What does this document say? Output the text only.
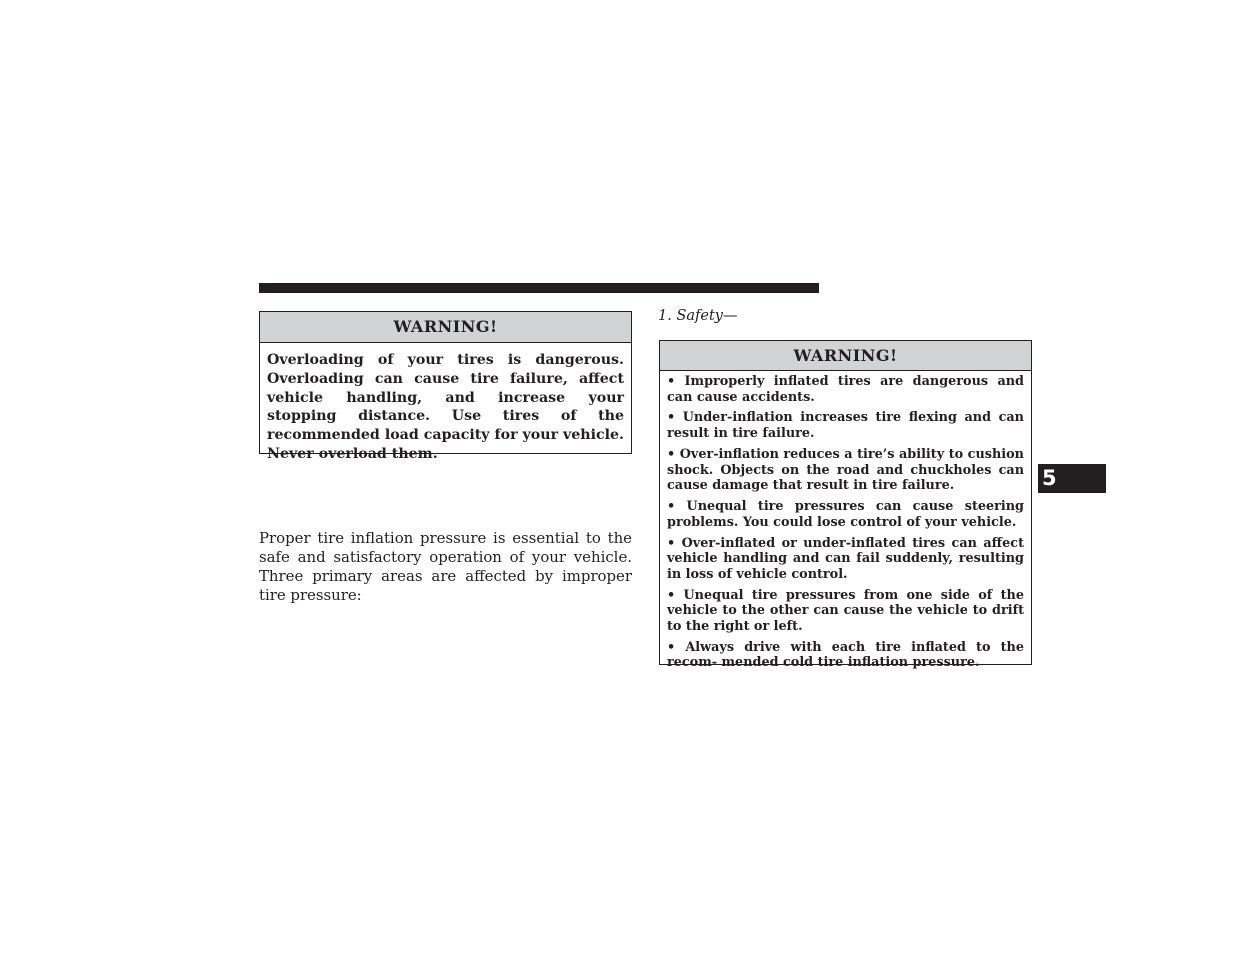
WARNING!
Overloading of your tires is dangerous. Overloading can cause tire failure, affect vehicle handling, and increase your stopping distance. Use tires of the recommended load capacity for your vehicle. Never overload them.
Proper tire inflation pressure is essential to the safe and satisfactory operation of your vehicle. Three primary areas are affected by improper tire pressure:
1. Safety—
WARNING!
• Improperly inflated tires are dangerous and can cause accidents.
• Under-inflation increases tire flexing and can result in tire failure.
• Over-inflation reduces a tire’s ability to cushion shock. Objects on the road and chuckholes can cause damage that result in tire failure.
• Unequal tire pressures can cause steering problems. You could lose control of your vehicle.
• Over-inflated or under-inflated tires can affect vehicle handling and can fail suddenly, resulting in loss of vehicle control.
• Unequal tire pressures from one side of the vehicle to the other can cause the vehicle to drift to the right or left.
• Always drive with each tire inflated to the recom- mended cold tire inflation pressure.
5
